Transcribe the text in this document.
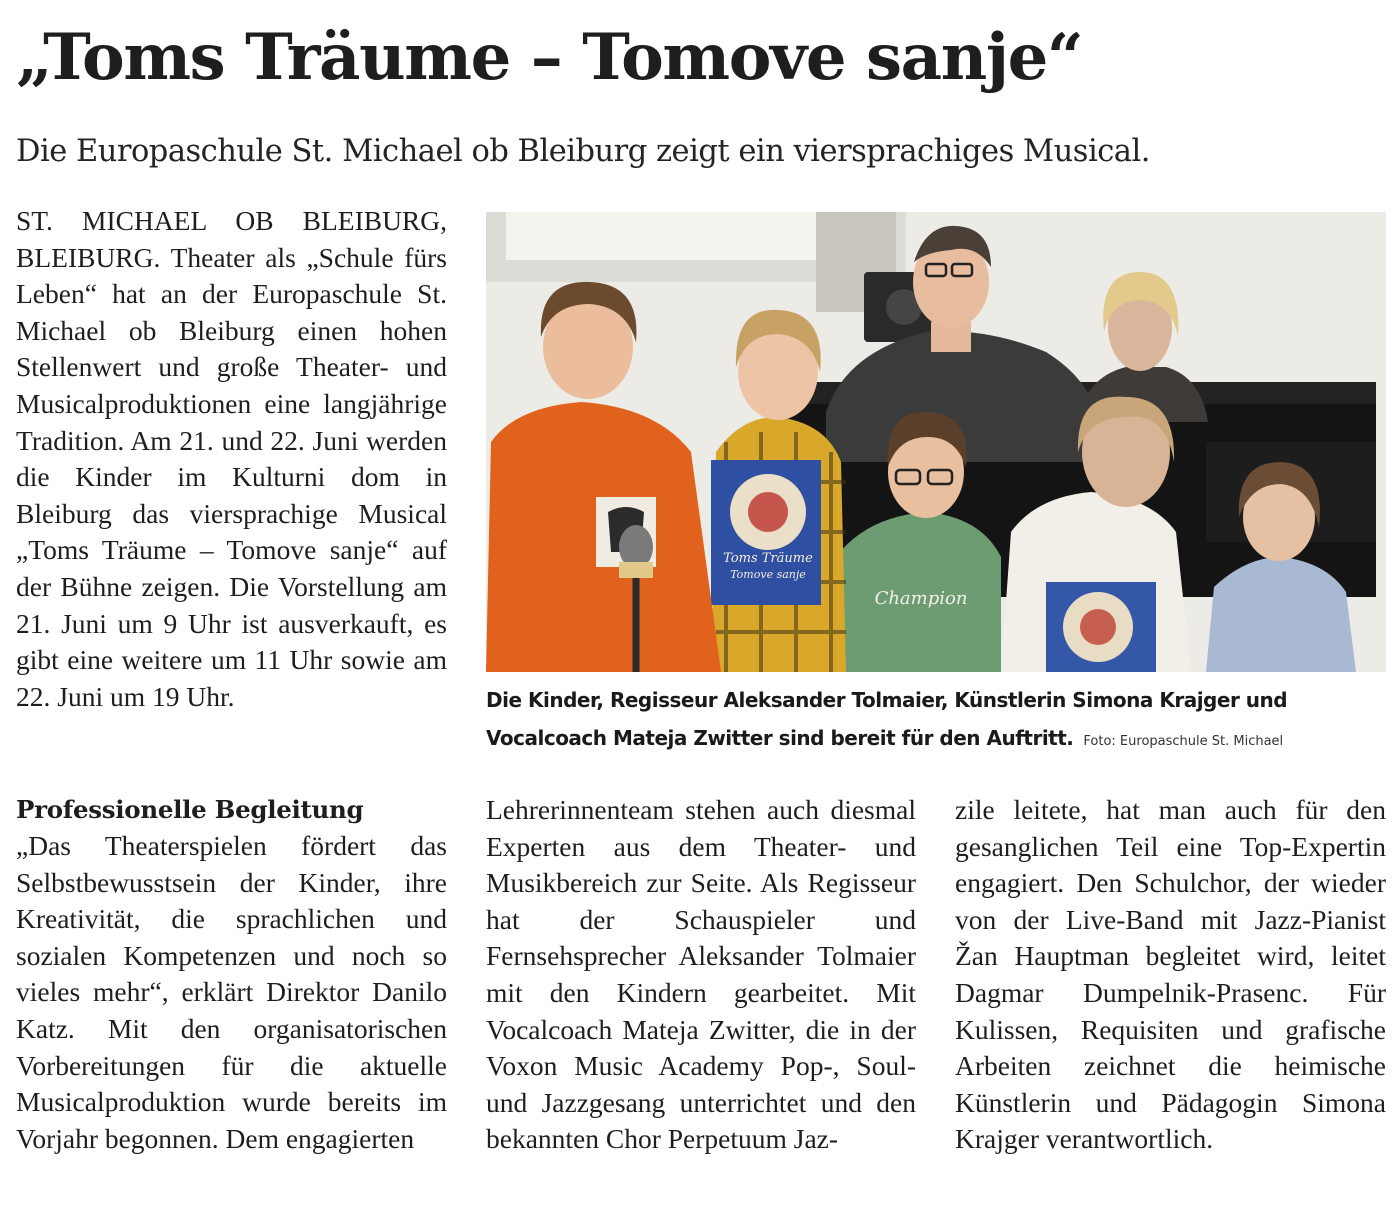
„Toms Träume – Tomove sanje“

Die Europaschule St. Michael ob Bleiburg zeigt ein viersprachiges Musical.

ST. MICHAEL OB BLEIBURG, BLEIBURG. Theater als „Schule fürs Leben“ hat an der Europaschule St. Michael ob Bleiburg einen hohen Stellenwert und große Theater- und Musicalproduktionen eine langjährige Tradition. Am 21. und 22. Juni werden die Kinder im Kulturni dom in Bleiburg das viersprachige Musical „Toms Träume – Tomove sanje“ auf der Bühne zeigen. Die Vorstellung am 21. Juni um 9 Uhr ist ausverkauft, es gibt eine weitere um 11 Uhr sowie am 22. Juni um 19 Uhr.

Champion
Toms Träume
Tomove sanje

Die Kinder, Regisseur Aleksander Tolmaier, Künstlerin Simona Krajger und Vocalcoach Mateja Zwitter sind bereit für den Auftritt. Foto: Europaschule St. Michael

Professionelle Begleitung

„Das Theaterspielen fördert das Selbstbewusstsein der Kinder, ihre Kreativität, die sprachlichen und sozialen Kompetenzen und noch so vieles mehr“, erklärt Direktor Danilo Katz. Mit den organisatorischen Vorbereitungen für die aktuelle Musicalproduktion wurde bereits im Vorjahr begonnen. Dem engagierten

Lehrerinnenteam stehen auch diesmal Experten aus dem Theater- und Musikbereich zur Seite. Als Regisseur hat der Schauspieler und Fernsehsprecher Aleksander Tolmaier mit den Kindern gearbeitet. Mit Vocalcoach Mateja Zwitter, die in der Voxon Music Academy Pop-, Soul- und Jazzgesang unterrichtet und den bekannten Chor Perpetuum Jaz-

zile leitete, hat man auch für den gesanglichen Teil eine Top-Expertin engagiert. Den Schulchor, der wieder von der Live-Band mit Jazz-Pianist Žan Hauptman begleitet wird, leitet Dagmar Dumpelnik-Prasenc. Für Kulissen, Requisiten und grafische Arbeiten zeichnet die heimische Künstlerin und Pädagogin Simona Krajger verantwortlich.
